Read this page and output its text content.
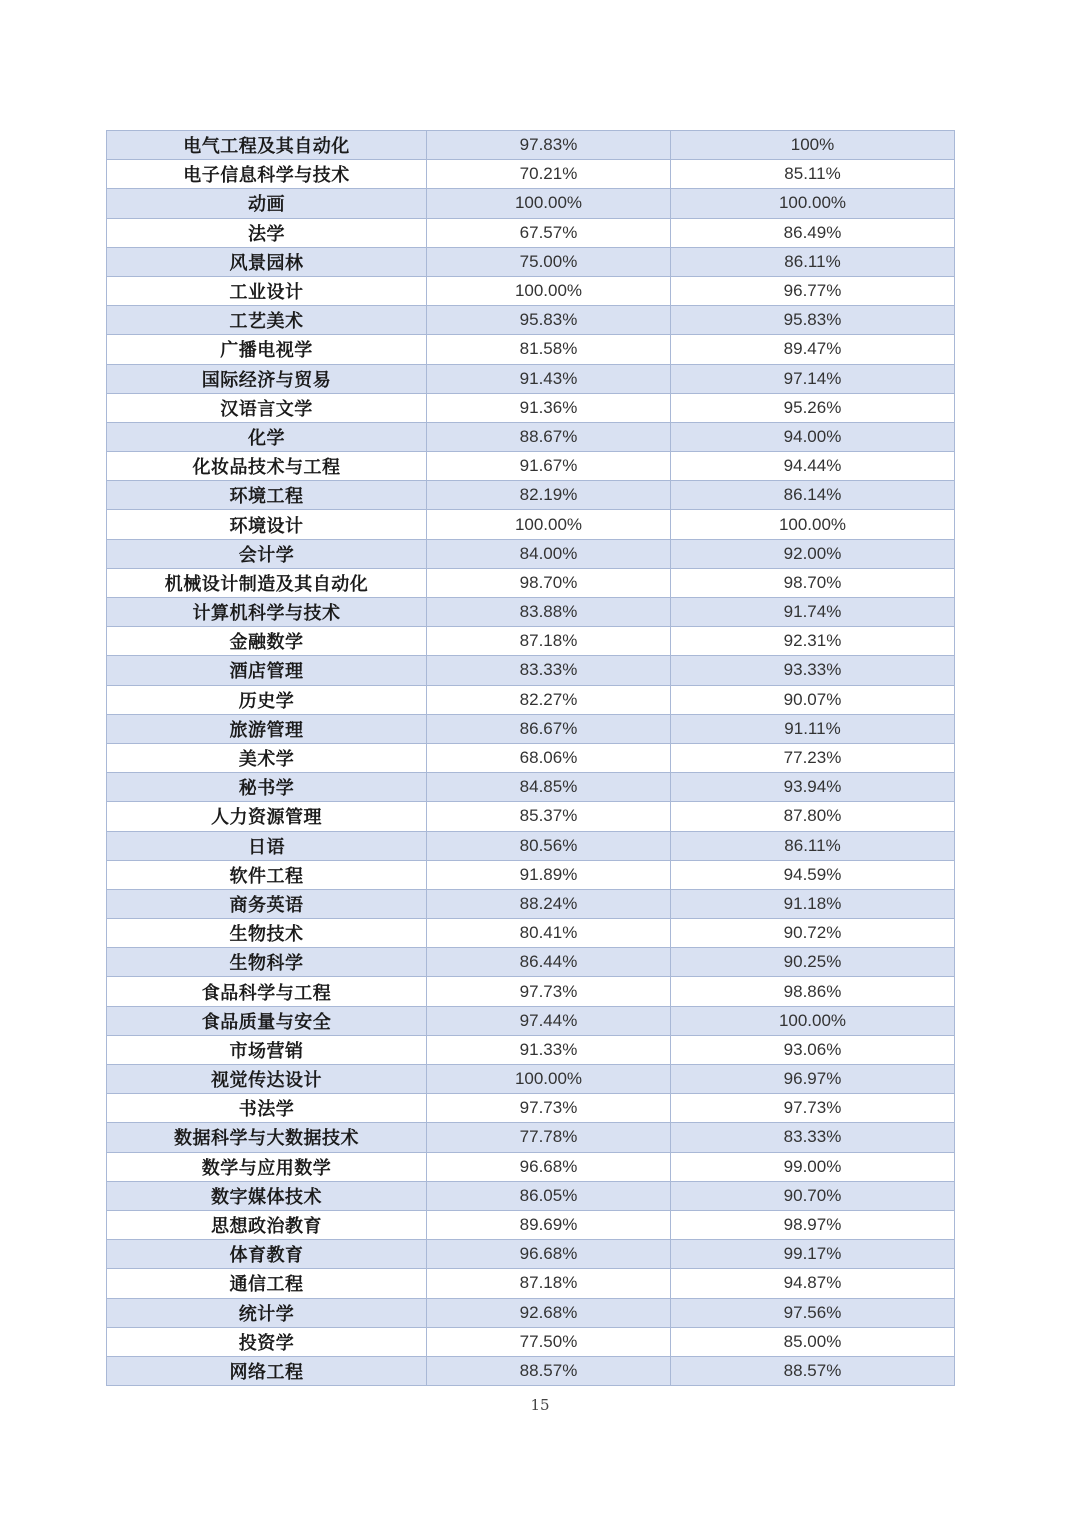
电气工程及其自动化	97.83%	100%
电子信息科学与技术	70.21%	85.11%
动画	100.00%	100.00%
法学	67.57%	86.49%
风景园林	75.00%	86.11%
工业设计	100.00%	96.77%
工艺美术	95.83%	95.83%
广播电视学	81.58%	89.47%
国际经济与贸易	91.43%	97.14%
汉语言文学	91.36%	95.26%
化学	88.67%	94.00%
化妆品技术与工程	91.67%	94.44%
环境工程	82.19%	86.14%
环境设计	100.00%	100.00%
会计学	84.00%	92.00%
机械设计制造及其自动化	98.70%	98.70%
计算机科学与技术	83.88%	91.74%
金融数学	87.18%	92.31%
酒店管理	83.33%	93.33%
历史学	82.27%	90.07%
旅游管理	86.67%	91.11%
美术学	68.06%	77.23%
秘书学	84.85%	93.94%
人力资源管理	85.37%	87.80%
日语	80.56%	86.11%
软件工程	91.89%	94.59%
商务英语	88.24%	91.18%
生物技术	80.41%	90.72%
生物科学	86.44%	90.25%
食品科学与工程	97.73%	98.86%
食品质量与安全	97.44%	100.00%
市场营销	91.33%	93.06%
视觉传达设计	100.00%	96.97%
书法学	97.73%	97.73%
数据科学与大数据技术	77.78%	83.33%
数学与应用数学	96.68%	99.00%
数字媒体技术	86.05%	90.70%
思想政治教育	89.69%	98.97%
体育教育	96.68%	99.17%
通信工程	87.18%	94.87%
统计学	92.68%	97.56%
投资学	77.50%	85.00%
网络工程	88.57%	88.57%
15
